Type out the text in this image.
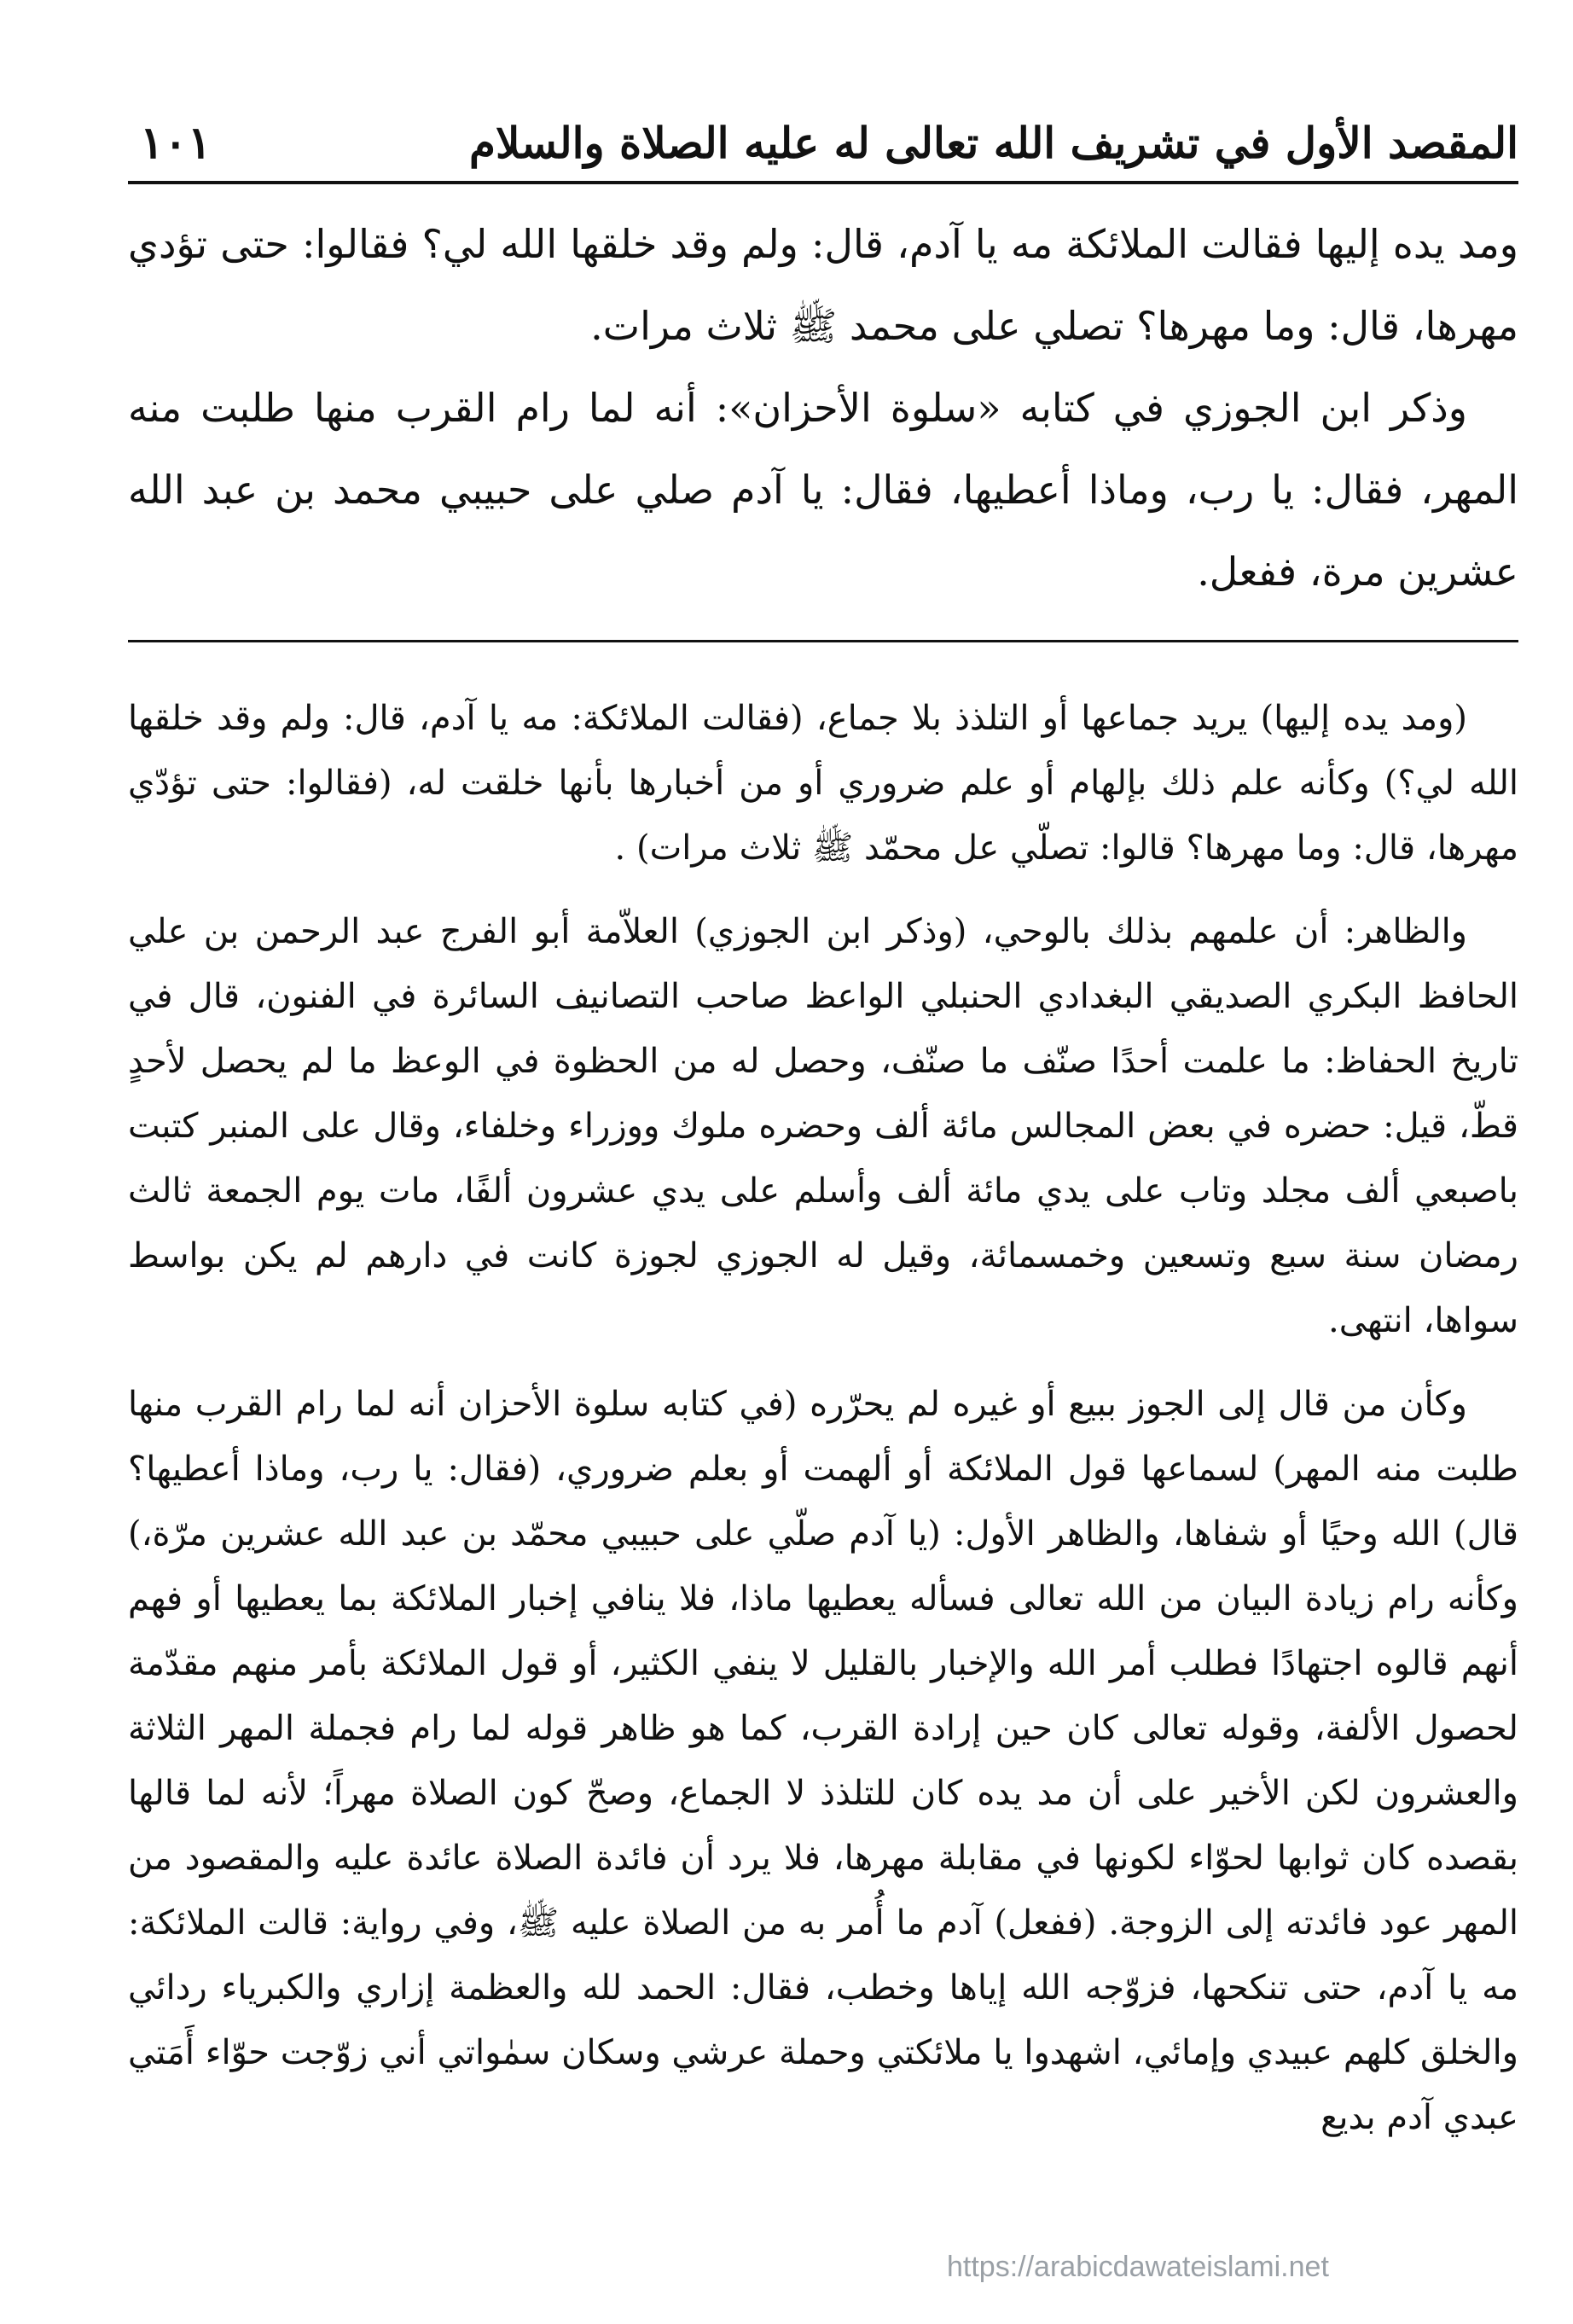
المقصد الأول في تشريف الله تعالى له عليه الصلاة والسلام
١٠١

ومد يده إليها فقالت الملائكة مه يا آدم، قال: ولم وقد خلقها الله لي؟ فقالوا: حتى تؤدي مهرها، قال: وما مهرها؟ تصلي على محمد ﷺ ثلاث مرات.

وذكر ابن الجوزي في كتابه «سلوة الأحزان»: أنه لما رام القرب منها طلبت منه المهر، فقال: يا رب، وماذا أعطيها، فقال: يا آدم صلي على حبيبي محمد بن عبد الله عشرين مرة، ففعل.

(ومد يده إليها) يريد جماعها أو التلذذ بلا جماع، (فقالت الملائكة: مه يا آدم، قال: ولم وقد خلقها الله لي؟) وكأنه علم ذلك بإلهام أو علم ضروري أو من أخبارها بأنها خلقت له، (فقالوا: حتى تؤدّي مهرها، قال: وما مهرها؟ قالوا: تصلّي عل محمّد ﷺ ثلاث مرات) .

والظاهر: أن علمهم بذلك بالوحي، (وذكر ابن الجوزي) العلاّمة أبو الفرج عبد الرحمن بن علي الحافظ البكري الصديقي البغدادي الحنبلي الواعظ صاحب التصانيف السائرة في الفنون، قال في تاريخ الحفاظ: ما علمت أحدًا صنّف ما صنّف، وحصل له من الحظوة في الوعظ ما لم يحصل لأحدٍ قطّ، قيل: حضره في بعض المجالس مائة ألف وحضره ملوك ووزراء وخلفاء، وقال على المنبر كتبت باصبعي ألف مجلد وتاب على يدي مائة ألف وأسلم على يدي عشرون ألفًا، مات يوم الجمعة ثالث رمضان سنة سبع وتسعين وخمسمائة، وقيل له الجوزي لجوزة كانت في دارهم لم يكن بواسط سواها، انتهى.

وكأن من قال إلى الجوز ببيع أو غيره لم يحرّره (في كتابه سلوة الأحزان أنه لما رام القرب منها طلبت منه المهر) لسماعها قول الملائكة أو ألهمت أو بعلم ضروري، (فقال: يا رب، وماذا أعطيها؟ قال) الله وحيًا أو شفاها، والظاهر الأول: (يا آدم صلّي على حبيبي محمّد بن عبد الله عشرين مرّة،) وكأنه رام زيادة البيان من الله تعالى فسأله يعطيها ماذا، فلا ينافي إخبار الملائكة بما يعطيها أو فهم أنهم قالوه اجتهادًا فطلب أمر الله والإخبار بالقليل لا ينفي الكثير، أو قول الملائكة بأمر منهم مقدّمة لحصول الألفة، وقوله تعالى كان حين إرادة القرب، كما هو ظاهر قوله لما رام فجملة المهر الثلاثة والعشرون لكن الأخير على أن مد يده كان للتلذذ لا الجماع، وصحّ كون الصلاة مهراً؛ لأنه لما قالها بقصده كان ثوابها لحوّاء لكونها في مقابلة مهرها، فلا يرد أن فائدة الصلاة عائدة عليه والمقصود من المهر عود فائدته إلى الزوجة. (ففعل) آدم ما أُمر به من الصلاة عليه ﷺ، وفي رواية: قالت الملائكة: مه يا آدم، حتى تنكحها، فزوّجه الله إياها وخطب، فقال: الحمد لله والعظمة إزاري والكبرياء ردائي والخلق كلهم عبيدي وإمائي، اشهدوا يا ملائكتي وحملة عرشي وسكان سمٰواتي أني زوّجت حوّاء أَمَتي عبدي آدم بديع

https://arabicdawateislami.net
